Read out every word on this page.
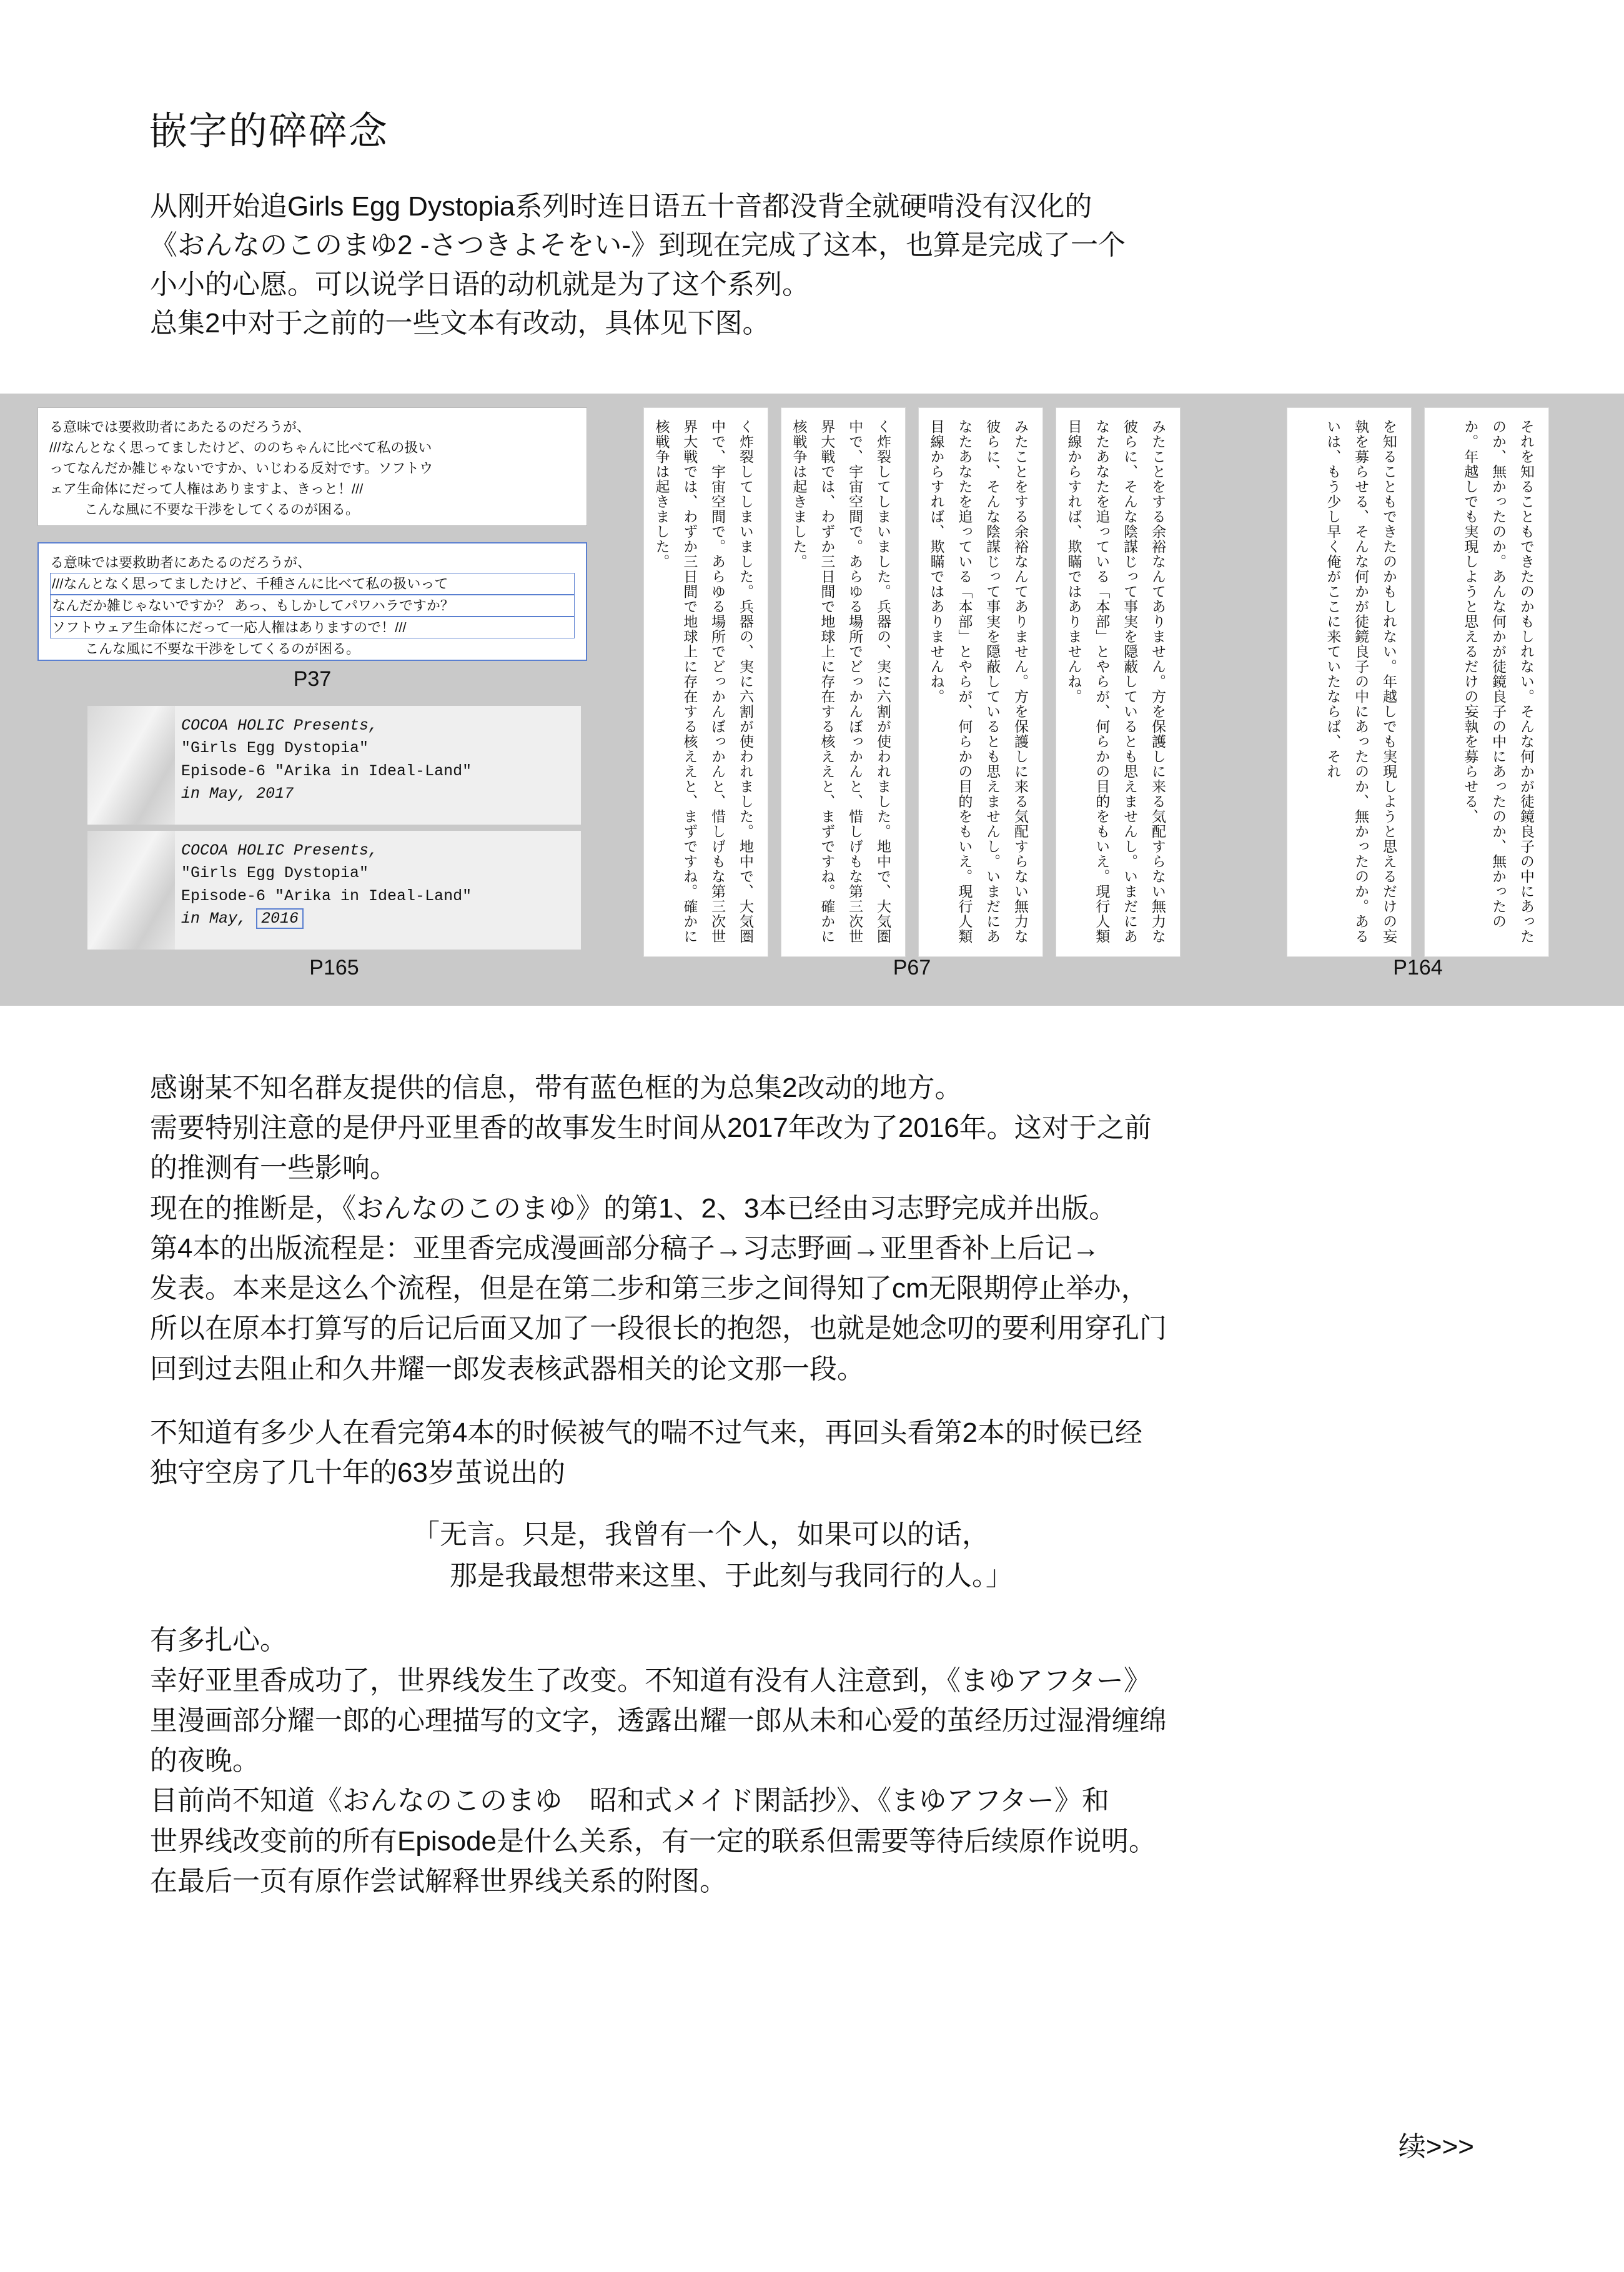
嵌字的碎碎念

从刚开始追Girls Egg Dystopia系列时连日语五十音都没背全就硬啃没有汉化的

《おんなのこのまゆ2 -さつきよそをい-》到现在完成了这本，也算是完成了一个

小小的心愿。可以说学日语的动机就是为了这个系列。

总集2中对于之前的一些文本有改动，具体见下图。

る意味では要救助者にあたるのだろうが、
///なんとなく思ってましたけど、ののちゃんに比べて私の扱い
ってなんだか雑じゃないですか、いじわる反対です。ソフトウ
ェア生命体にだって人権はありますよ、きっと！///
こんな風に不要な干渉をしてくるのが困る。
る意味では要救助者にあたるのだろうが、
///なんとなく思ってましたけど、千種さんに比べて私の扱いって
なんだか雑じゃないですか？ あっ、もしかしてパワハラですか？
ソフトウェア生命体にだって一応人権はありますので！///
こんな風に不要な干渉をしてくるのが困る。
P37
COCOA HOLIC Presents,
"Girls Egg Dystopia"
Episode-6 "Arika in Ideal-Land"
in May, 2017
COCOA HOLIC Presents,
"Girls Egg Dystopia"
Episode-6 "Arika in Ideal-Land"
in May, 2016
P165
く炸裂してしまいました。兵器の、実に六割が使われました。地中で、大気圏中で、宇宙空間で。あらゆる場所でどっかんぼっかんと、惜しげもな第三次世界大戦では、わずか三日間で地球上に存在する核ええと、まずですね。確かに核戦争は起きました。	く炸裂してしまいました。兵器の、実に六割が使われました。地中で、大気圏中で、宇宙空間で。あらゆる場所でどっかんぼっかんと、惜しげもな第三次世界大戦では、わずか三日間で地球上に存在する核ええと、まずですね。確かに核戦争は起きました。	みたことをする余裕なんてありません。方を保護しに来る気配すらない無力な彼らに、そんな陰謀じって事実を隠蔽しているとも思えませんし。いまだにあなたあなたを追っている「本部」とやらが、何らかの目的をもいえ。現行人類目線からすれば、欺瞞ではありませんね。	みたことをする余裕なんてありません。方を保護しに来る気配すらない無力な彼らに、そんな陰謀じって事実を隠蔽しているとも思えませんし。いまだにあなたあなたを追っている「本部」とやらが、何らかの目的をもいえ。現行人類目線からすれば、欺瞞ではありませんね。
P67
を知ることもできたのかもしれない。年越しでも実現しようと思えるだけの妄執を募らせる、そんな何かが徒鏡良子の中にあったのか、無かったのか。あるいは、もう少し早く俺がここに来ていたならば、それ	それを知ることもできたのかもしれない。そんな何かが徒鏡良子の中にあったのか、無かったのか。あんな何かが徒鏡良子の中にあったのか、無かったのか。年越しでも実現しようと思えるだけの妄執を募らせる、
P164

感谢某不知名群友提供的信息，带有蓝色框的为总集2改动的地方。

需要特别注意的是伊丹亚里香的故事发生时间从2017年改为了2016年。这对于之前

的推测有一些影响。

现在的推断是，《おんなのこのまゆ》的第1、2、3本已经由习志野完成并出版。

第4本的出版流程是：亚里香完成漫画部分稿子→习志野画→亚里香补上后记→

发表。本来是这么个流程，但是在第二步和第三步之间得知了cm无限期停止举办，

所以在原本打算写的后记后面又加了一段很长的抱怨，也就是她念叨的要利用穿孔门

回到过去阻止和久井耀一郎发表核武器相关的论文那一段。

不知道有多少人在看完第4本的时候被气的喘不过气来，再回头看第2本的时候已经

独守空房了几十年的63岁茧说出的

「无言。只是，我曾有一个人，如果可以的话，
那是我最想带来这里、于此刻与我同行的人。」

有多扎心。

幸好亚里香成功了，世界线发生了改变。不知道有没有人注意到，《まゆアフター》

里漫画部分耀一郎的心理描写的文字，透露出耀一郎从未和心爱的茧经历过湿滑缠绵

的夜晚。

目前尚不知道《おんなのこのまゆ　昭和式メイド閑話抄》、《まゆアフター》和

世界线改变前的所有Episode是什么关系，有一定的联系但需要等待后续原作说明。

在最后一页有原作尝试解释世界线关系的附图。

续>>>
